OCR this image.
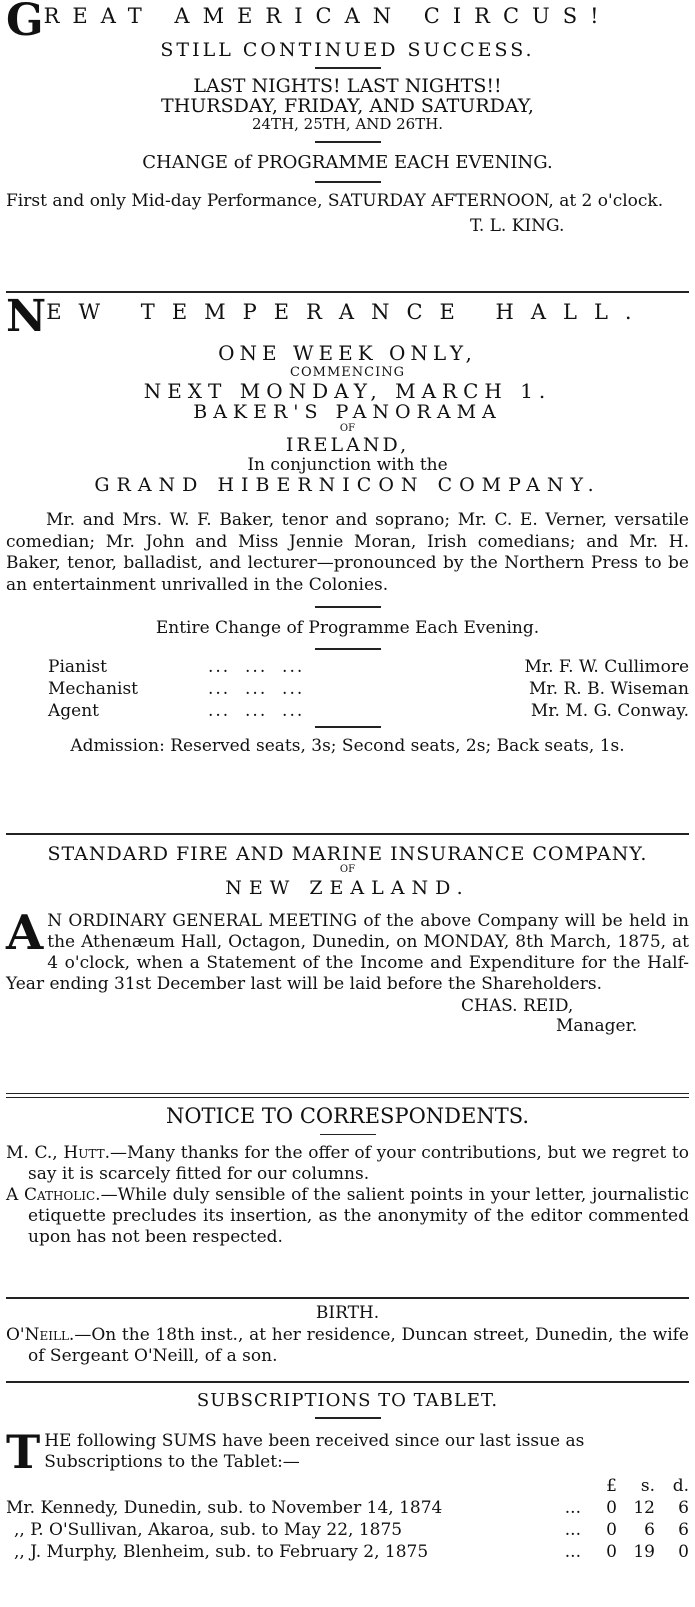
GREAT AMERICAN CIRCUS!
STILL CONTINUED SUCCESS.
LAST NIGHTS! LAST NIGHTS!!
THURSDAY, FRIDAY, AND SATURDAY,
24TH, 25TH, AND 26TH.
CHANGE of PROGRAMME EACH EVENING.
First and only Mid-day Performance, SATURDAY AFTERNOON, at 2 o'clock.
T. L. KING.
NEW TEMPERANCE HALL.
ONE WEEK ONLY,
COMMENCING
NEXT MONDAY, MARCH 1.
BAKER'S PANORAMA
OF
IRELAND,
In conjunction with the
GRAND HIBERNICON COMPANY.
Mr. and Mrs. W. F. Baker, tenor and soprano; Mr. C. E. Verner, versatile comedian; Mr. John and Miss Jennie Moran, Irish comedians; and Mr. H. Baker, tenor, balladist, and lecturer—pronounced by the Northern Press to be an entertainment unrivalled in the Colonies.
Entire Change of Programme Each Evening.
Pianist	...  ...  ...	Mr. F. W. Cullimore
Mechanist	...  ...  ...	Mr. R. B. Wiseman
Agent	...  ...  ...	Mr. M. G. Conway.
Admission: Reserved seats, 3s; Second seats, 2s; Back seats, 1s.
STANDARD FIRE AND MARINE INSURANCE COMPANY.
OF
NEW ZEALAND.
A N ORDINARY GENERAL MEETING of the above Company will be held in the Athenæum Hall, Octagon, Dunedin, on MONDAY, 8th March, 1875, at 4 o'clock, when a Statement of the Income and Expenditure for the Half-Year ending 31st December last will be laid before the Shareholders.
CHAS. REID,
Manager.
NOTICE TO CORRESPONDENTS.
M. C., Hutt.—Many thanks for the offer of your contributions, but we regret to say it is scarcely fitted for our columns.
A Catholic.—While duly sensible of the salient points in your letter, journalistic etiquette precludes its insertion, as the anonymity of the editor commented upon has not been respected.
BIRTH.
O'Neill.—On the 18th inst., at her residence, Duncan street, Dunedin, the wife of Sergeant O'Neill, of a son.
SUBSCRIPTIONS TO TABLET.
THE following SUMS have been received since our last issue as Subscriptions to the Tablet:—
		£	s.	d.
Mr. Kennedy, Dunedin, sub. to November 14, 1874	...	0	12	6
,, P. O'Sullivan, Akaroa, sub. to May 22, 1875	...	0	6	6
,, J. Murphy, Blenheim, sub. to February 2, 1875	...	0	19	0
